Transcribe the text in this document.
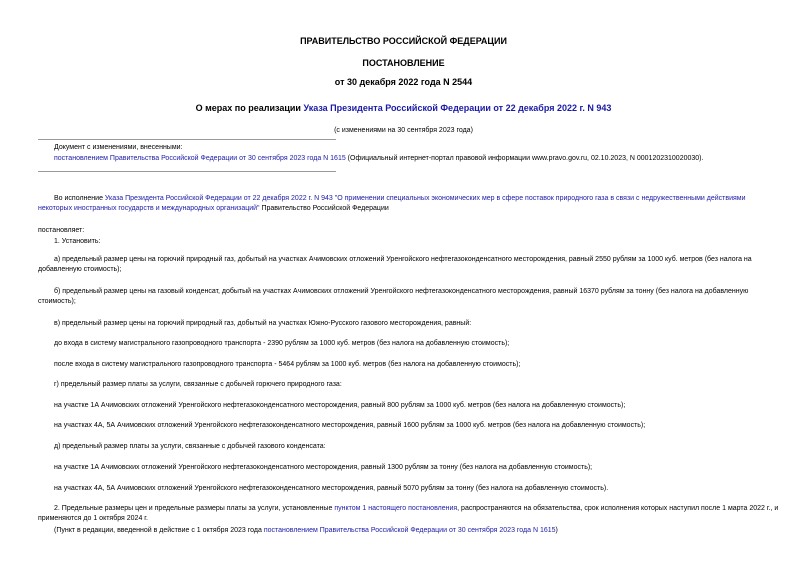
ПРАВИТЕЛЬСТВО РОССИЙСКОЙ ФЕДЕРАЦИИ
ПОСТАНОВЛЕНИЕ
от 30 декабря 2022 года N 2544
О мерах по реализации Указа Президента Российской Федерации от 22 декабря 2022 г. N 943
(с изменениями на 30 сентября 2023 года)
Документ с изменениями, внесенными:
постановлением Правительства Российской Федерации от 30 сентября 2023 года N 1615 (Официальный интернет-портал правовой информации www.pravo.gov.ru, 02.10.2023, N 0001202310020030).
Во исполнение Указа Президента Российской Федерации от 22 декабря 2022 г. N 943 "О применении специальных экономических мер в сфере поставок природного газа в связи с недружественными действиями некоторых иностранных государств и международных организаций" Правительство Российской Федерации
постановляет:
1. Установить:
а) предельный размер цены на горючий природный газ, добытый на участках Ачимовских отложений Уренгойского нефтегазоконденсатного месторождения, равный 2550 рублям за 1000 куб. метров (без налога на добавленную стоимость);
б) предельный размер цены на газовый конденсат, добытый на участках Ачимовских отложений Уренгойского нефтегазоконденсатного месторождения, равный 16370 рублям за тонну (без налога на добавленную стоимость);
в) предельный размер цены на горючий природный газ, добытый на участках Южно-Русского газового месторождения, равный:
до входа в систему магистрального газопроводного транспорта - 2390 рублям за 1000 куб. метров (без налога на добавленную стоимость);
после входа в систему магистрального газопроводного транспорта - 5464 рублям за 1000 куб. метров (без налога на добавленную стоимость);
г) предельный размер платы за услуги, связанные с добычей горючего природного газа:
на участке 1А Ачимовских отложений Уренгойского нефтегазоконденсатного месторождения, равный 800 рублям за 1000 куб. метров (без налога на добавленную стоимость);
на участках 4А, 5А Ачимовских отложений Уренгойского нефтегазоконденсатного месторождения, равный 1600 рублям за 1000 куб. метров (без налога на добавленную стоимость);
д) предельный размер платы за услуги, связанные с добычей газового конденсата:
на участке 1А Ачимовских отложений Уренгойского нефтегазоконденсатного месторождения, равный 1300 рублям за тонну (без налога на добавленную стоимость);
на участках 4А, 5А Ачимовских отложений Уренгойского нефтегазоконденсатного месторождения, равный 5070 рублям за тонну (без налога на добавленную стоимость).
2. Предельные размеры цен и предельные размеры платы за услуги, установленные пунктом 1 настоящего постановления, распространяются на обязательства, срок исполнения которых наступил после 1 марта 2022 г., и применяются до 1 октября 2024 г.
(Пункт в редакции, введенной в действие с 1 октября 2023 года постановлением Правительства Российской Федерации от 30 сентября 2023 года N 1615)
